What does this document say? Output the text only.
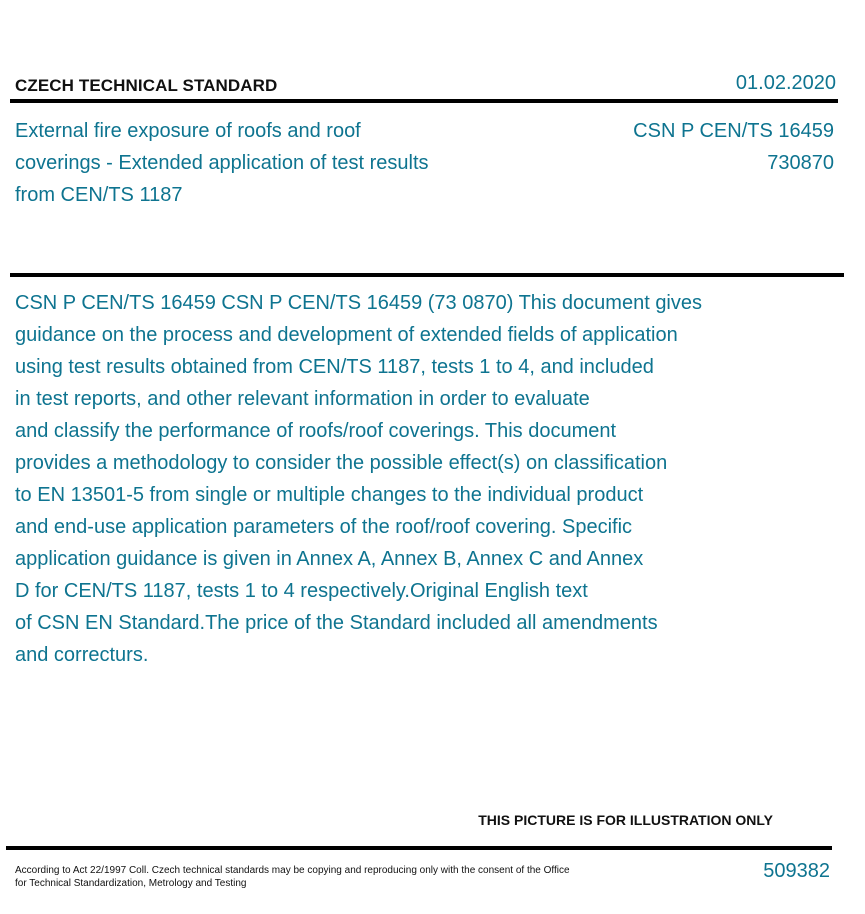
CZECH TECHNICAL STANDARD	01.02.2020
External fire exposure of roofs and roof coverings - Extended application of test results from CEN/TS 1187
CSN P CEN/TS 16459
730870
CSN P CEN/TS 16459 CSN P CEN/TS 16459 (73 0870) This document gives
guidance on the process and development of extended fields of application
using test results obtained from CEN/TS 1187, tests 1 to 4, and included
in test reports, and other relevant information in order to evaluate
and classify the performance of roofs/roof coverings. This document
provides a methodology to consider the possible effect(s) on classification
to EN 13501-5 from single or multiple changes to the individual product
and end-use application parameters of the roof/roof covering. Specific
application guidance is given in Annex A, Annex B, Annex C and Annex
D for CEN/TS 1187, tests 1 to 4 respectively.Original English text
of CSN EN Standard.The price of the Standard included all amendments
and correcturs.
THIS PICTURE IS FOR ILLUSTRATION ONLY
According to Act 22/1997 Coll. Czech technical standards may be copying and reproducing only with the consent of the Office
for Technical Standardization, Metrology and Testing
509382
